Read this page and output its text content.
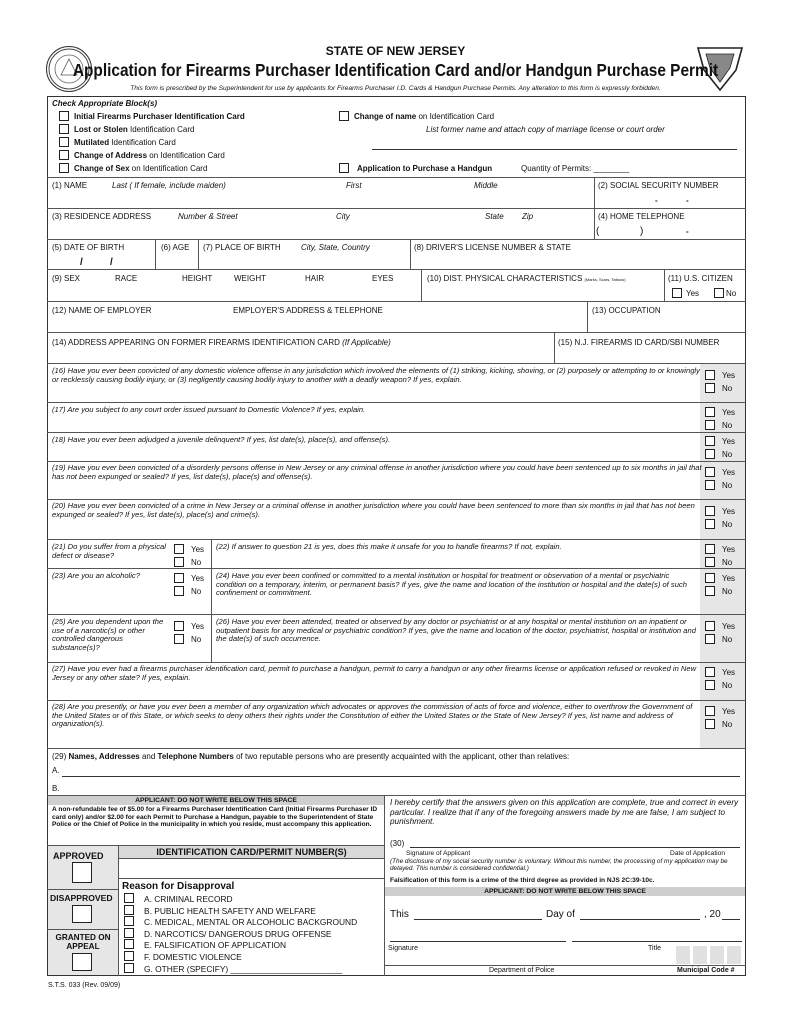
STATE OF NEW JERSEY
Application for Firearms Purchaser Identification Card and/or Handgun Purchase Permit
This form is prescribed by the Superintendent for use by applicants for Firearms Purchaser I.D. Cards & Handgun Purchase Permits. Any alteration to this form is expressly forbidden.
Check Appropriate Block(s)
Initial Firearms Purchaser Identification Card
Lost or Stolen Identification Card
Mutilated Identification Card
Change of Address on Identification Card
Change of Sex on Identification Card
Change of name on Identification Card
List former name and attach copy of marriage license or court order
Application to Purchase a Handgun	Quantity of Permits: ________
(1) NAME	Last ( If female, include maiden)	First	Middle	(2) SOCIAL SECURITY NUMBER
-	-
(3) RESIDENCE ADDRESS	Number & Street	City	State Zip	(4) HOME TELEPHONE
(	)	-
(5) DATE OF BIRTH
/	/
(6) AGE (7) PLACE OF BIRTH	City, State, Country	(8) DRIVER'S LICENSE NUMBER & STATE
(9) SEX	RACE	HEIGHT	WEIGHT	HAIR	EYES	(10) DIST. PHYSICAL CHARACTERISTICS (Marks, Scars, Tattoos)	(11) U.S. CITIZEN
Yes	No
(12) NAME OF EMPLOYER	EMPLOYER'S ADDRESS & TELEPHONE	(13) OCCUPATION
(14) ADDRESS APPEARING ON FORMER FIREARMS IDENTIFICATION CARD (If Applicable)	(15) N.J. FIREARMS ID CARD/SBI NUMBER
(16) Have you ever been convicted of any domestic violence offense in any jurisdiction which involved the elements of (1) striking, kicking, shoving, or (2) purposely or attempting to or knowingly or recklessly causing bodily injury, or (3) negligently causing bodily injury to another with a deadly weapon? If yes, explain.	Yes
No
(17) Are you subject to any court order issued pursuant to Domestic Violence? If yes, explain.	Yes
No
(18) Have you ever been adjudged a juvenile delinquent? If yes, list date(s), place(s), and offense(s).	Yes
No
(19) Have you ever been convicted of a disorderly persons offense in New Jersey or any criminal offense in another jurisdiction where you could have been sentenced up to six months in jail that has not been expunged or sealed? If yes, list date(s), place(s) and offense(s).	Yes
No
(20) Have you ever been convicted of a crime in New Jersey or a criminal offense in another jurisdiction where you could have been sentenced to more than six months in jail that has not been expunged or sealed? If yes, list date(s), place(s) and crime(s).	Yes
No
(21) Do you suffer from a physical defect or disease?
Yes
No
(22) If answer to question 21 is yes, does this make it unsafe for you to handle firearms? If not, explain.	Yes
No
(23) Are you an alcoholic?	Yes
No
(24) Have you ever been confined or committed to a mental institution or hospital for treatment or observation of a mental or psychiatric condition on a temporary, interim, or permanent basis? If yes, give the name and location of the institution or hospital and the date(s) of such confinement or commitment.
Yes
No
(25) Are you dependent upon the use of a narcotic(s) or other controlled dangerous substance(s)?
Yes
No
(26) Have you ever been attended, treated or observed by any doctor or psychiatrist or at any hospital or mental institution on an inpatient or outpatient basis for any medical or psychiatric condition? If yes, give the name and location of the doctor, psychiatrist, hospital or institution and the date(s) of such occurrence.
Yes
No
(27) Have you ever had a firearms purchaser identification card, permit to purchase a handgun, permit to carry a handgun or any other firearms license or application refused or revoked in New Jersey or any other state? If yes, explain.
Yes
No
(28) Are you presently, or have you ever been a member of any organization which advocates or approves the commission of acts of force and violence, either to overthrow the Government of the United States or of this State, or which seeks to deny others their rights under the Constitution of either the United States or the State of New Jersey? If yes, list name and address of organization(s).
Yes
No
(29) Names, Addresses and Telephone Numbers of two reputable persons who are presently acquainted with the applicant, other than relatives:
A.
B.
APPLICANT: DO NOT WRITE BELOW THIS SPACE
A non-refundable fee of $5.00 for a Firearms Purchaser Identification Card (Initial Firearms Purchaser ID card only) and/or $2.00 for each Permit to Purchase a Handgun, payable to the Superintendent of State Police or the Chief of Police in the municipality in which you reside, must accompany this application.
APPROVED	IDENTIFICATION CARD/PERMIT NUMBER(S)
DISAPPROVED
GRANTED ON APPEAL
Reason for Disapproval
A. CRIMINAL RECORD
B. PUBLIC HEALTH SAFETY AND WELFARE
C. MEDICAL, MENTAL OR ALCOHOLIC BACKGROUND
D. NARCOTICS/ DANGEROUS DRUG OFFENSE
E. FALSIFICATION OF APPLICATION
F. DOMESTIC VIOLENCE
G. OTHER (SPECIFY) ________________________
I hereby certify that the answers given on this application are complete, true and correct in every particular. I realize that if any of the foregoing answers made by me are false, I am subject to punishment.
(30)
Signature of Applicant	Date of Application
(The disclosure of my social security number is voluntary. Without this number, the processing of my application may be delayed. This number is considered confidential.)
Falsification of this form is a crime of the third degree as provided in NJS 2C:39-10c.
APPLICANT: DO NOT WRITE BELOW THIS SPACE
This	Day of	, 20
Signature	Title
Department of Police	Municipal Code #
S.T.S. 033 (Rev. 09/09)
